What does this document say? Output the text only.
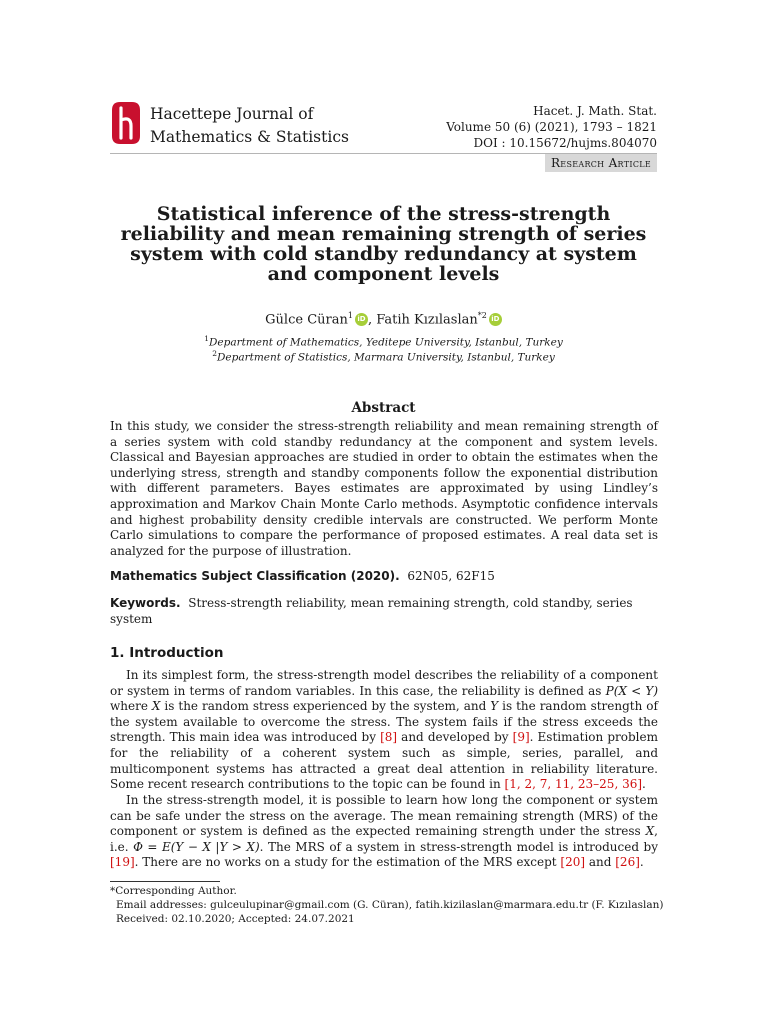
Hacettepe Journal of
Mathematics & Statistics
Hacet. J. Math. Stat.
Volume 50 (6) (2021), 1793 – 1821
DOI : 10.15672/hujms.804070
Research Article
Statistical inference of the stress-strength
reliability and mean remaining strength of series
system with cold standby redundancy at system
and component levels
Gülce Cüran$^1$ iD , Fatih Kızılaslan$^{*2}$ iD
$^1$Department of Mathematics, Yeditepe University, Istanbul, Turkey
$^2$Department of Statistics, Marmara University, Istanbul, Turkey
Abstract
In this study, we consider the stress-strength reliability and mean remaining strength of a series system with cold standby redundancy at the component and system levels. Classical and Bayesian approaches are studied in order to obtain the estimates when the underlying stress, strength and standby components follow the exponential distribution with different parameters. Bayes estimates are approximated by using Lindley’s approximation and Markov Chain Monte Carlo methods. Asymptotic confidence intervals and highest probability density credible intervals are constructed. We perform Monte Carlo simulations to compare the performance of proposed estimates. A real data set is analyzed for the purpose of illustration.
Mathematics Subject Classification (2020). 62N05, 62F15
Keywords. Stress-strength reliability, mean remaining strength, cold standby, series system
1. Introduction
In its simplest form, the stress-strength model describes the reliability of a component or system in terms of random variables. In this case, the reliability is defined as P(X < Y) where X is the random stress experienced by the system, and Y is the random strength of the system available to overcome the stress. The system fails if the stress exceeds the strength. This main idea was introduced by [8] and developed by [9]. Estimation problem for the reliability of a coherent system such as simple, series, parallel, and multicomponent systems has attracted a great deal attention in reliability literature. Some recent research contributions to the topic can be found in [1, 2, 7, 11, 23–25, 36].
In the stress-strength model, it is possible to learn how long the component or system can be safe under the stress on the average. The mean remaining strength (MRS) of the component or system is defined as the expected remaining strength under the stress X, i.e. Φ = E(Y − X |Y > X). The MRS of a system in stress-strength model is introduced by [19]. There are no works on a study for the estimation of the MRS except [20] and [26].
*Corresponding Author.
Email addresses: gulceulupinar@gmail.com (G. Cüran), fatih.kizilaslan@marmara.edu.tr (F. Kızılaslan)
Received: 02.10.2020; Accepted: 24.07.2021
